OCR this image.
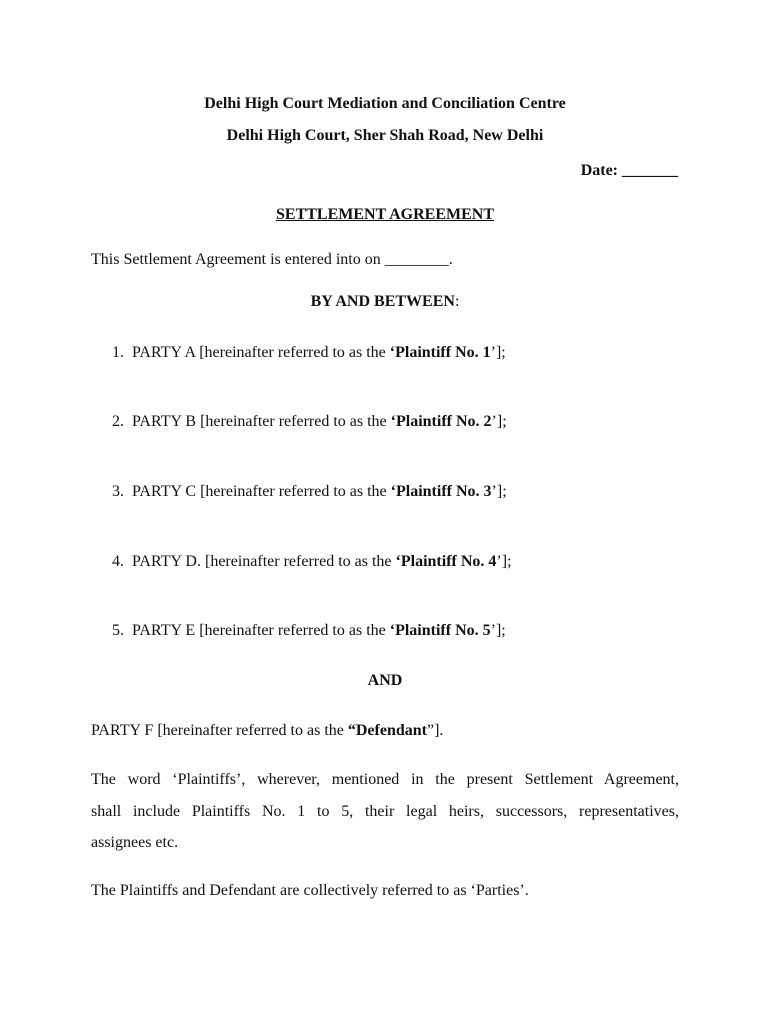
Delhi High Court Mediation and Conciliation Centre
Delhi High Court, Sher Shah Road, New Delhi
Date: _______
SETTLEMENT AGREEMENT
This Settlement Agreement is entered into on ________.
BY AND BETWEEN:
1. PARTY A [hereinafter referred to as the ‘Plaintiff No. 1’];
2. PARTY B [hereinafter referred to as the ‘Plaintiff No. 2’];
3. PARTY C [hereinafter referred to as the ‘Plaintiff No. 3’];
4. PARTY D. [hereinafter referred to as the ‘Plaintiff No. 4’];
5. PARTY E [hereinafter referred to as the ‘Plaintiff No. 5’];
AND
PARTY F [hereinafter referred to as the “Defendant”].
The word ‘Plaintiffs’, wherever, mentioned in the present Settlement Agreement,
shall include Plaintiffs No. 1 to 5, their legal heirs, successors, representatives,
assignees etc.
The Plaintiffs and Defendant are collectively referred to as ‘Parties’.
